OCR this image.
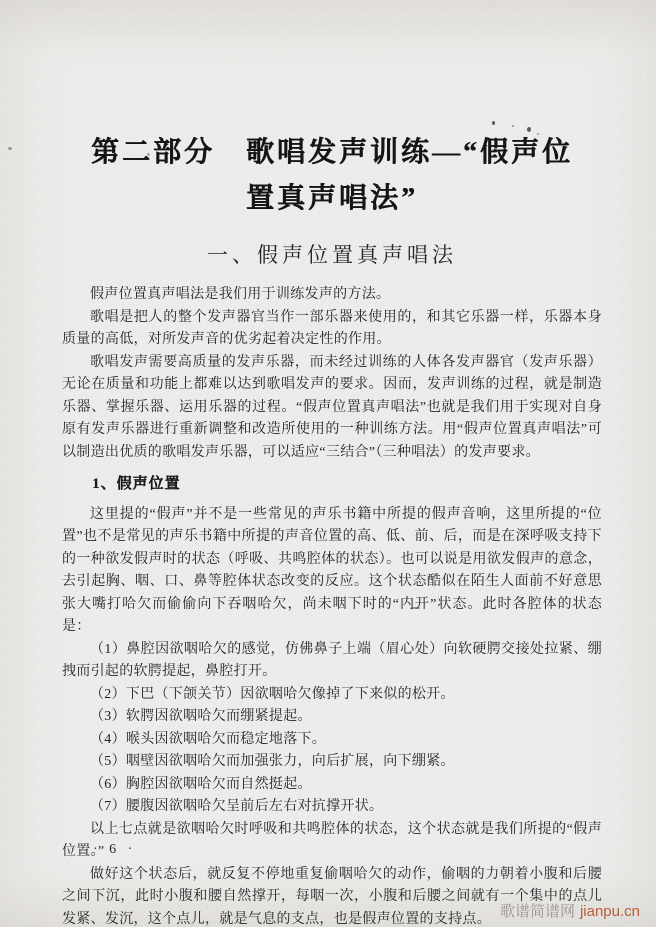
第二部分　歌唱发声训练—“假声位
置真声唱法”
一、假声位置真声唱法

假声位置真声唱法是我们用于训练发声的方法。

歌唱是把人的整个发声器官当作一部乐器来使用的，和其它乐器一样，乐器本身质量的高低，对所发声音的优劣起着决定性的作用。

歌唱发声需要高质量的发声乐器，而未经过训练的人体各发声器官（发声乐器）无论在质量和功能上都难以达到歌唱发声的要求。因而，发声训练的过程，就是制造乐器、掌握乐器、运用乐器的过程。“假声位置真声唱法”也就是我们用于实现对自身原有发声乐器进行重新调整和改造所使用的一种训练方法。用“假声位置真声唱法”可以制造出优质的歌唱发声乐器，可以适应“三结合”（三种唱法）的发声要求。

1、假声位置

这里提的“假声”并不是一些常见的声乐书籍中所提的假声音响，这里所提的“位置”也不是常见的声乐书籍中所提的声音位置的高、低、前、后，而是在深呼吸支持下的一种欲发假声时的状态（呼吸、共鸣腔体的状态）。也可以说是用欲发假声的意念，去引起胸、咽、口、鼻等腔体状态改变的反应。这个状态酷似在陌生人面前不好意思张大嘴打哈欠而偷偷向下吞咽哈欠，尚未咽下时的“内开”状态。此时各腔体的状态是：

（1）鼻腔因欲咽哈欠的感觉，仿佛鼻子上端（眉心处）向软硬腭交接处拉紧、绷拽而引起的软腭提起，鼻腔打开。

（2）下巴（下颌关节）因欲咽哈欠像掉了下来似的松开。

（3）软腭因欲咽哈欠而绷紧提起。

（4）喉头因欲咽哈欠而稳定地落下。

（5）咽壁因欲咽哈欠而加强张力，向后扩展，向下绷紧。

（6）胸腔因欲咽哈欠而自然挺起。

（7）腰腹因欲咽哈欠呈前后左右对抗撑开状。

以上七点就是欲咽哈欠时呼吸和共鸣腔体的状态，这个状态就是我们所提的“假声位置。”

做好这个状态后，就反复不停地重复偷咽哈欠的动作，偷咽的力朝着小腹和后腰之间下沉，此时小腹和腰自然撑开，每咽一次，小腹和后腰之间就有一个集中的点儿发紧、发沉，这个点儿，就是气息的支点，也是假声位置的支持点。

· 6 ·
歌谱简谱网 jianpu.cn
